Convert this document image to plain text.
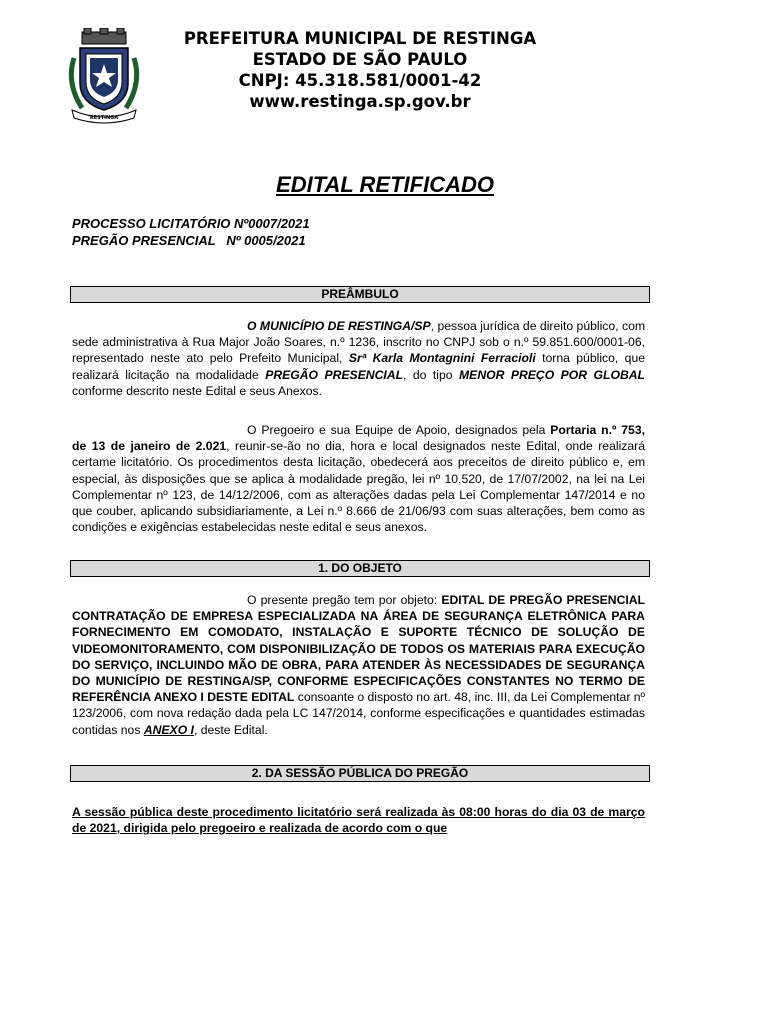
RESTINGA
PREFEITURA MUNICIPAL DE RESTINGA
ESTADO DE SÃO PAULO
CNPJ: 45.318.581/0001-42
www.restinga.sp.gov.br
EDITAL RETIFICADO
PROCESSO LICITATÓRIO Nº0007/2021
PREGÃO PRESENCIAL   Nº 0005/2021
PREÂMBULO
O MUNICÍPIO DE RESTINGA/SP, pessoa jurídica de direito público, com sede administrativa à Rua Major João Soares, n.º 1236, inscrito no CNPJ sob o n.º 59.851.600/0001-06, representado neste ato pelo Prefeito Municipal, Srª Karla Montagnini Ferracioli torna público, que realizará licitação na modalidade PREGÃO PRESENCIAL, do tipo MENOR PREÇO POR GLOBAL conforme descrito neste Edital e seus Anexos.
O Pregoeiro e sua Equipe de Apoio, designados pela Portaria n.º 753, de 13 de janeiro de 2.021, reunir-se-ão no dia, hora e local designados neste Edital, onde realizará certame licitatório. Os procedimentos desta licitação, obedecerá aos preceitos de direito público e, em especial, às disposições que se aplica à modalidade pregão, lei nº 10.520, de 17/07/2002, na lei na Lei Complementar nº 123, de 14/12/2006, com as alterações dadas pela Lei Complementar 147/2014 e no que couber, aplicando subsidiariamente, a Lei n.º 8.666 de 21/06/93 com suas alterações, bem como as condições e exigências estabelecidas neste edital e seus anexos.
1. DO OBJETO
O presente pregão tem por objeto: EDITAL DE PREGÃO PRESENCIAL CONTRATAÇÃO DE EMPRESA ESPECIALIZADA NA ÁREA DE SEGURANÇA ELETRÔNICA PARA FORNECIMENTO EM COMODATO, INSTALAÇÃO E SUPORTE TÉCNICO DE SOLUÇÃO DE VIDEOMONITORAMENTO, COM DISPONIBILIZAÇÃO DE TODOS OS MATERIAIS PARA EXECUÇÃO DO SERVIÇO, INCLUINDO MÃO DE OBRA, PARA ATENDER ÀS NECESSIDADES DE SEGURANÇA DO MUNICÍPIO DE RESTINGA/SP, CONFORME ESPECIFICAÇÕES CONSTANTES NO TERMO DE REFERÊNCIA ANEXO I DESTE EDITAL consoante o disposto no art. 48, inc. III, da Lei Complementar nº 123/2006, com nova redação dada pela LC 147/2014, conforme especificações e quantidades estimadas contidas nos ANEXO I, deste Edital.
2. DA SESSÃO PÚBLICA DO PREGÃO
A sessão pública deste procedimento licitatório será realizada às 08:00 horas do dia 03 de março de 2021, dirigida pelo pregoeiro e realizada de acordo com o que
